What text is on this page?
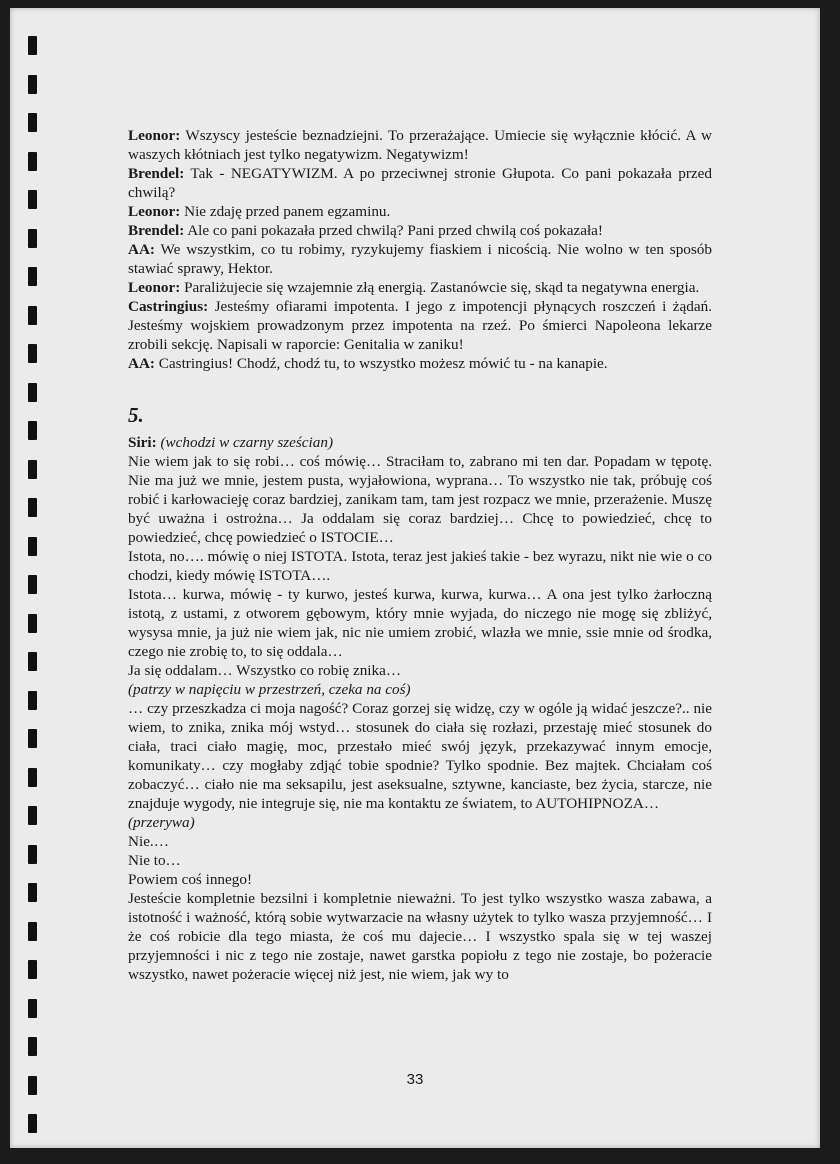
Leonor: Wszyscy jesteście beznadziejni. To przerażające. Umiecie się wyłącznie kłócić. A w waszych kłótniach jest tylko negatywizm. Negatywizm!

Brendel: Tak - NEGATYWIZM. A po przeciwnej stronie Głupota. Co pani pokazała przed chwilą?

Leonor: Nie zdaję przed panem egzaminu.

Brendel: Ale co pani pokazała przed chwilą? Pani przed chwilą coś pokazała!

AA: We wszystkim, co tu robimy, ryzykujemy fiaskiem i nicością. Nie wolno w ten sposób stawiać sprawy, Hektor.

Leonor: Paraliżujecie się wzajemnie złą energią. Zastanówcie się, skąd ta negatywna energia.

Castringius: Jesteśmy ofiarami impotenta. I jego z impotencji płynących roszczeń i żądań. Jesteśmy wojskiem prowadzonym przez impotenta na rzeź. Po śmierci Napoleona lekarze zrobili sekcję. Napisali w raporcie: Genitalia w zaniku!

AA: Castringius! Chodź, chodź tu, to wszystko możesz mówić tu - na kanapie.

5.

Siri: (wchodzi w czarny sześcian)

Nie wiem jak to się robi… coś mówię… Straciłam to, zabrano mi ten dar. Popadam w tępotę. Nie ma już we mnie, jestem pusta, wyjałowiona, wyprana… To wszystko nie tak, próbuję coś robić i karłowacieję coraz bardziej, zanikam tam, tam jest rozpacz we mnie, przerażenie. Muszę być uważna i ostrożna… Ja oddalam się coraz bardziej… Chcę to powiedzieć, chcę to powiedzieć, chcę powiedzieć o ISTOCIE…

Istota, no…. mówię o niej ISTOTA. Istota, teraz jest jakieś takie - bez wyrazu, nikt nie wie o co chodzi, kiedy mówię ISTOTA….

Istota… kurwa, mówię - ty kurwo, jesteś kurwa, kurwa, kurwa… A ona jest tylko żarłoczną istotą, z ustami, z otworem gębowym, który mnie wyjada, do niczego nie mogę się zbliżyć, wysysa mnie, ja już nie wiem jak, nic nie umiem zrobić, wlazła we mnie, ssie mnie od środka, czego nie zrobię to, to się oddala…

Ja się oddalam… Wszystko co robię znika…

(patrzy w napięciu w przestrzeń, czeka na coś)

… czy przeszkadza ci moja nagość? Coraz gorzej się widzę, czy w ogóle ją widać jeszcze?.. nie wiem, to znika, znika mój wstyd… stosunek do ciała się rozłazi, przestaję mieć stosunek do ciała, traci ciało magię, moc, przestało mieć swój język, przekazywać innym emocje, komunikaty… czy mogłaby zdjąć tobie spodnie? Tylko spodnie. Bez majtek. Chciałam coś zobaczyć… ciało nie ma seksapilu, jest aseksualne, sztywne, kanciaste, bez życia, starcze, nie znajduje wygody, nie integruje się, nie ma kontaktu ze światem, to AUTOHIPNOZA…

(przerywa)

Nie.…

Nie to…

Powiem coś innego!

Jesteście kompletnie bezsilni i kompletnie nieważni. To jest tylko wszystko wasza zabawa, a istotność i ważność, którą sobie wytwarzacie na własny użytek to tylko wasza przyjemność… I że coś robicie dla tego miasta, że coś mu dajecie… I wszystko spala się w tej waszej przyjemności i nic z tego nie zostaje, nawet garstka popiołu z tego nie zostaje, bo pożeracie wszystko, nawet pożeracie więcej niż jest, nie wiem, jak wy to

33
